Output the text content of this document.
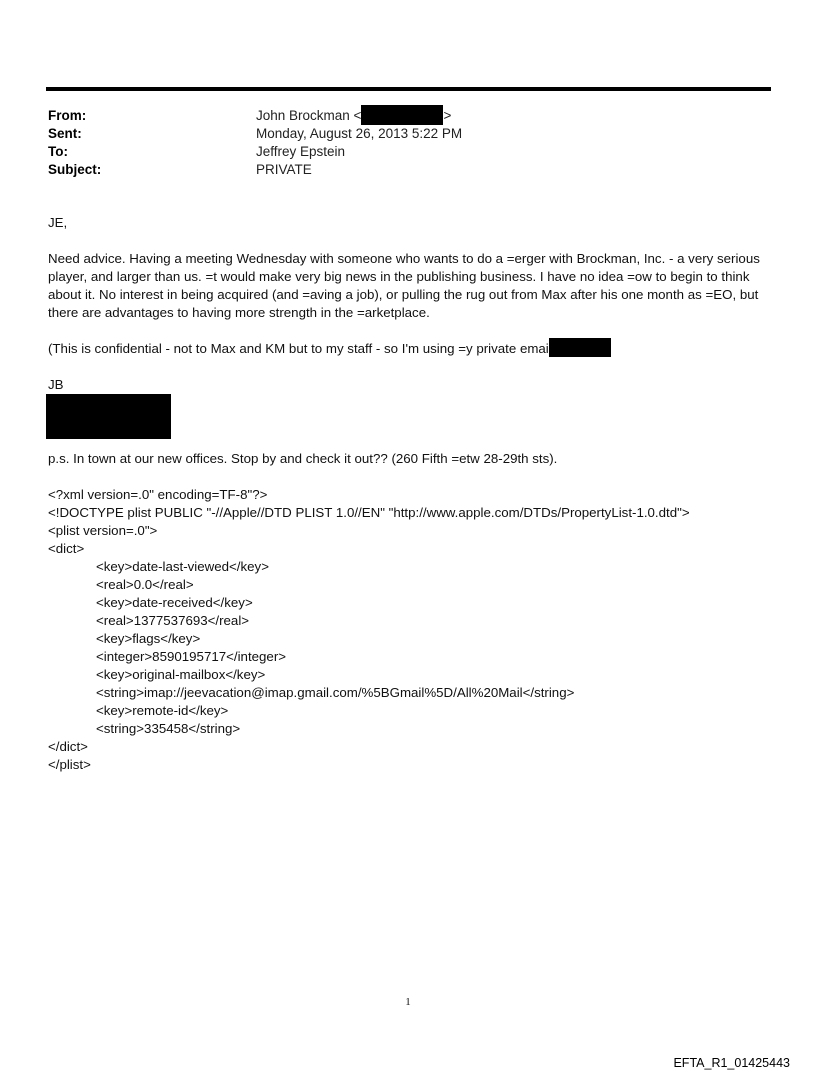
From:	John Brockman <	>
Sent:	Monday, August 26, 2013 5:22 PM
To:	Jeffrey Epstein
Subject:	PRIVATE

JE,

Need advice. Having a meeting Wednesday with someone who wants to do a =erger with Brockman, Inc. - a very serious player, and larger than us. =t would make very big news in the publishing business. I have no idea =ow to begin to think about it. No interest in being acquired (and =aving a job), or pulling the rug out from Max after his one month as =EO, but there are advantages to having more strength in the =arketplace.

(This is confidential - not to Max and KM but to my staff - so I'm using =y private emai

JB

p.s. In town at our new offices. Stop by and check it out?? (260 Fifth =etw 28-29th sts).

<?xml version=.0" encoding=TF-8"?>
<!DOCTYPE plist PUBLIC "-//Apple//DTD PLIST 1.0//EN" "http://www.apple.com/DTDs/PropertyList-1.0.dtd">
<plist version=.0">
<dict>
<key>date-last-viewed</key>
<real>0.0</real>
<key>date-received</key>
<real>1377537693</real>
<key>flags</key>
<integer>8590195717</integer>
<key>original-mailbox</key>
<string>imap://jeevacation@imap.gmail.com/%5BGmail%5D/All%20Mail</string>
<key>remote-id</key>
<string>335458</string>
</dict>
</plist>
1
EFTA_R1_01425443
